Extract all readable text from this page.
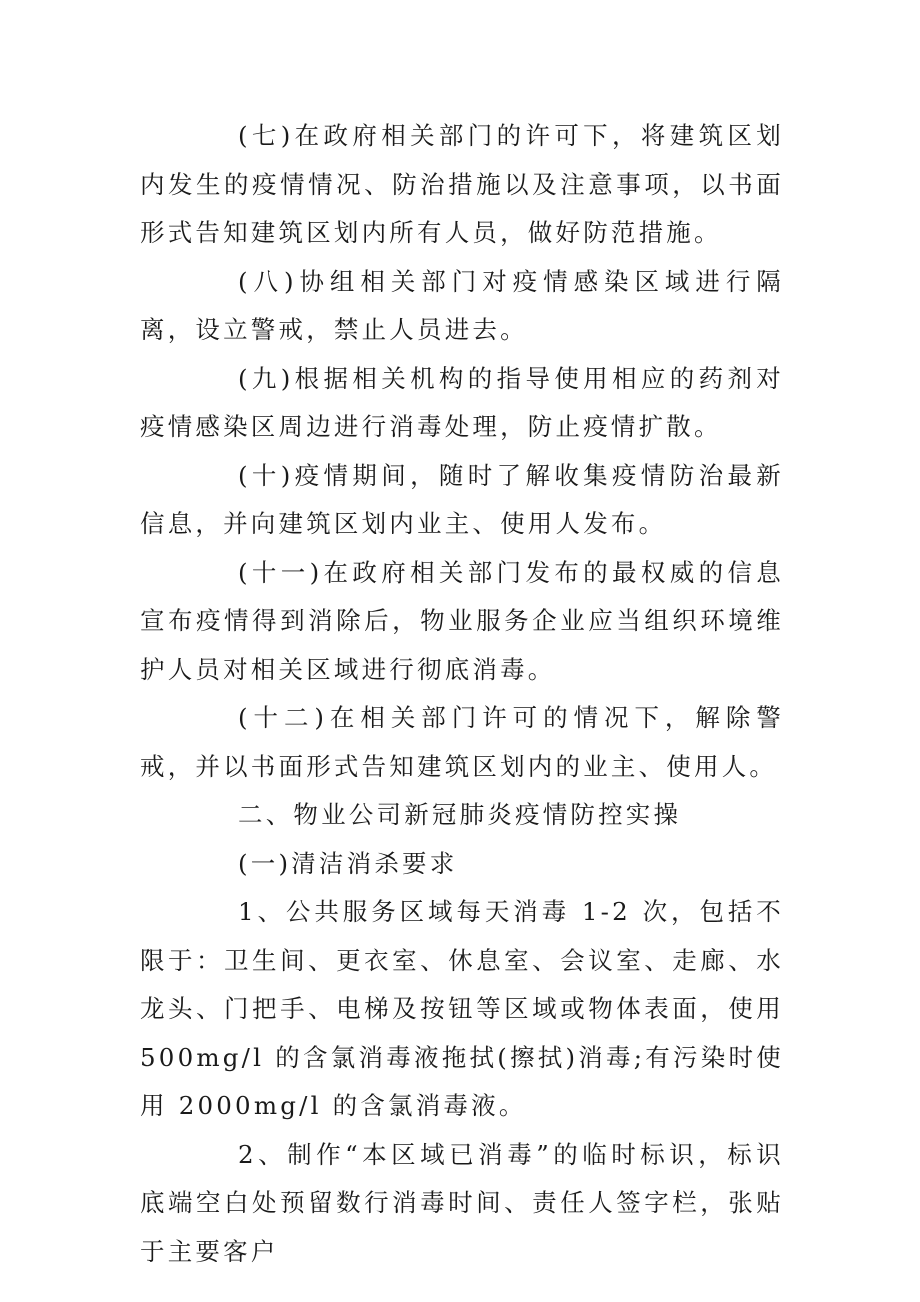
(七)在政府相关部门的许可下，将建筑区划内发生的疫情情况、防治措施以及注意事项，以书面形式告知建筑区划内所有人员，做好防范措施。

(八)协组相关部门对疫情感染区域进行隔离，设立警戒，禁止人员进去。

(九)根据相关机构的指导使用相应的药剂对疫情感染区周边进行消毒处理，防止疫情扩散。

(十)疫情期间，随时了解收集疫情防治最新信息，并向建筑区划内业主、使用人发布。

(十一)在政府相关部门发布的最权威的信息宣布疫情得到消除后，物业服务企业应当组织环境维护人员对相关区域进行彻底消毒。

(十二)在相关部门许可的情况下，解除警戒，并以书面形式告知建筑区划内的业主、使用人。

二、物业公司新冠肺炎疫情防控实操

(一)清洁消杀要求

1、公共服务区域每天消毒 1-2 次，包括不限于：卫生间、更衣室、休息室、会议室、走廊、水龙头、门把手、电梯及按钮等区域或物体表面，使用 500mg/l 的含氯消毒液拖拭(擦拭)消毒;有污染时使用 2000mg/l 的含氯消毒液。

2、制作“本区域已消毒”的临时标识，标识底端空白处预留数行消毒时间、责任人签字栏，张贴于主要客户
